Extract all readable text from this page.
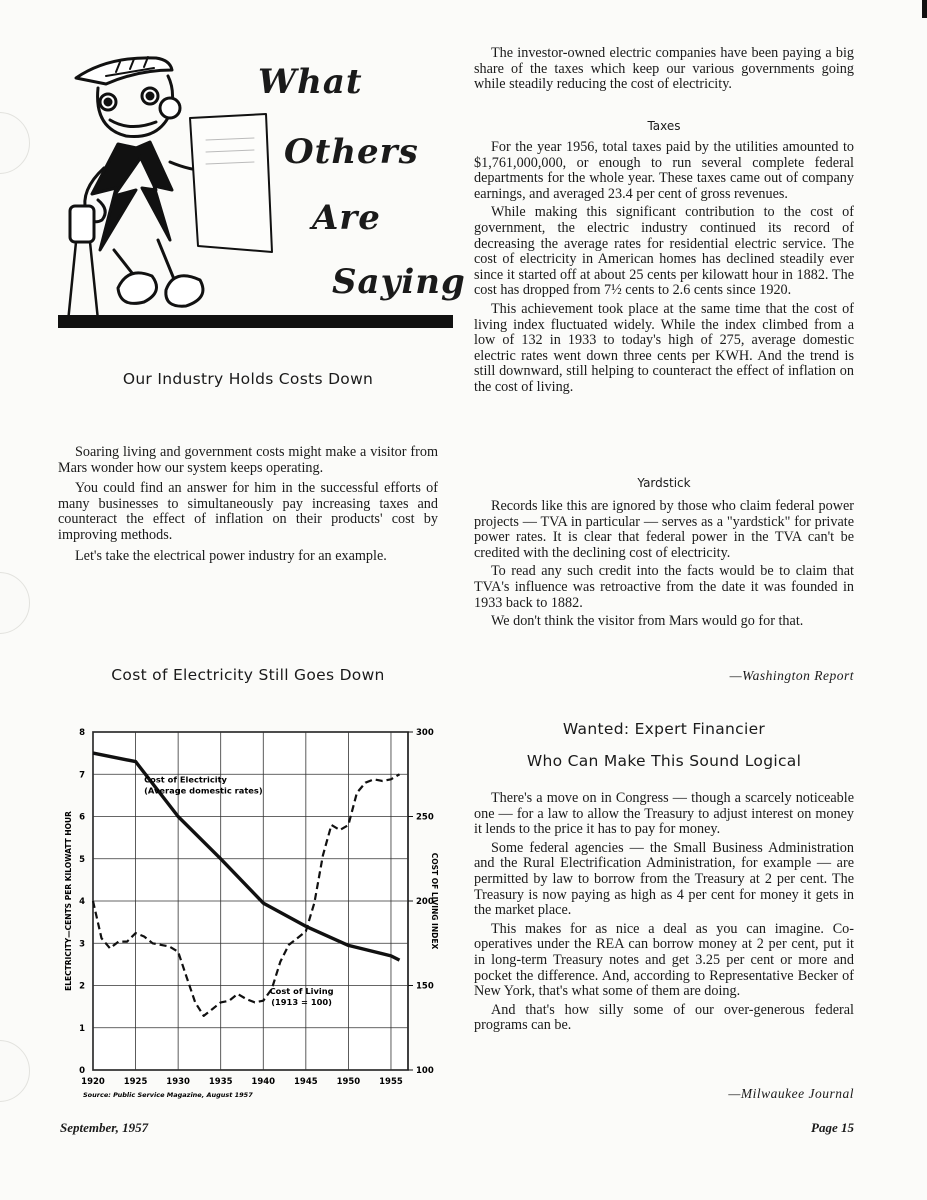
What
Others
Are
Saying
Our Industry Holds Costs Down

Soaring living and government costs might make a visitor from Mars wonder how our system keeps operating.

You could find an answer for him in the successful efforts of many businesses to simultaneously pay increasing taxes and counteract the effect of inflation on their products' cost by improving methods.

Let's take the electrical power industry for an example.

Cost of Electricity Still Goes Down
1920 1925 1930 1935 1940 1945 1950 1955
0
1
2
3
4
5
6
7
8
100
150
200
250
300
ELECTRICITY—CENTS PER KILOWATT HOUR	COST OF LIVING INDEX
Cost of Electricity
(Average domestic rates)
Cost of Living
(1913 = 100)
Source: Public Service Magazine, August 1957

The investor-owned electric companies have been paying a big share of the taxes which keep our various governments going while steadily reducing the cost of electricity.

Taxes

For the year 1956, total taxes paid by the utilities amounted to $1,761,000,000, or enough to run several complete federal departments for the whole year. These taxes came out of company earnings, and averaged 23.4 per cent of gross revenues.

While making this significant contribution to the cost of government, the electric industry continued its record of decreasing the average rates for residential electric service. The cost of electricity in American homes has declined steadily ever since it started off at about 25 cents per kilowatt hour in 1882. The cost has dropped from 7½ cents to 2.6 cents since 1920.

This achievement took place at the same time that the cost of living index fluctuated widely. While the index climbed from a low of 132 in 1933 to today's high of 275, average domestic electric rates went down three cents per KWH. And the trend is still downward, still helping to counteract the effect of inflation on the cost of living.

Yardstick

Records like this are ignored by those who claim federal power projects — TVA in particular — serves as a "yardstick" for private power rates. It is clear that federal power in the TVA can't be credited with the declining cost of electricity.

To read any such credit into the facts would be to claim that TVA's influence was retroactive from the date it was founded in 1933 back to 1882.

We don't think the visitor from Mars would go for that.

—Washington Report
Wanted: Expert Financier
Who Can Make This Sound Logical

There's a move on in Congress — though a scarcely noticeable one — for a law to allow the Treasury to adjust interest on money it lends to the price it has to pay for money.

Some federal agencies — the Small Business Administration and the Rural Electrification Administration, for example — are permitted by law to borrow from the Treasury at 2 per cent. The Treasury is now paying as high as 4 per cent for money it gets in the market place.

This makes for as nice a deal as you can imagine. Co-operatives under the REA can borrow money at 2 per cent, put it in long-term Treasury notes and get 3.25 per cent or more and pocket the difference. And, according to Representative Becker of New York, that's what some of them are doing.

And that's how silly some of our over-generous federal programs can be.

—Milwaukee Journal
September, 1957	Page 15
